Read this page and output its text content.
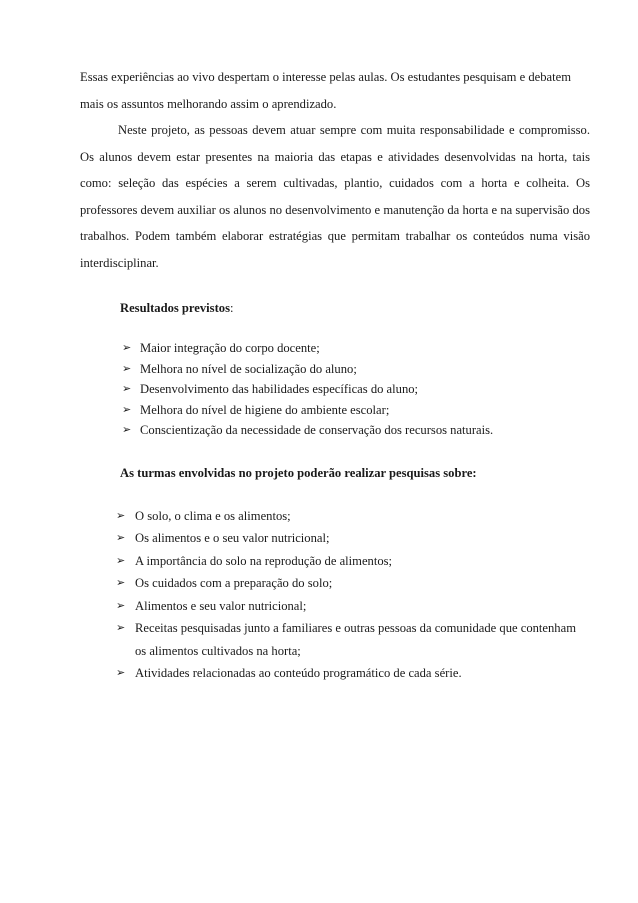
Essas experiências ao vivo despertam o interesse pelas aulas. Os estudantes pesquisam e debatem mais os assuntos melhorando assim o aprendizado.

Neste projeto, as pessoas devem atuar sempre com muita responsabilidade e compromisso. Os alunos devem estar presentes na maioria das etapas e atividades desenvolvidas na horta, tais como: seleção das espécies a serem cultivadas, plantio, cuidados com a horta e colheita. Os professores devem auxiliar os alunos no desenvolvimento e manutenção da horta e na supervisão dos trabalhos. Podem também elaborar estratégias que permitam trabalhar os conteúdos numa visão interdisciplinar.

Resultados previstos:

➢ Maior integração do corpo docente;
➢ Melhora no nível de socialização do aluno;
➢ Desenvolvimento das habilidades específicas do aluno;
➢ Melhora do nível de higiene do ambiente escolar;
➢ Conscientização da necessidade de conservação dos recursos naturais.

As turmas envolvidas no projeto poderão realizar pesquisas sobre:

➢ O solo, o clima e os alimentos;
➢ Os alimentos e o seu valor nutricional;
➢ A importância do solo na reprodução de alimentos;
➢ Os cuidados com a preparação do solo;
➢ Alimentos e seu valor nutricional;
➢ Receitas pesquisadas junto a familiares e outras pessoas da comunidade que contenham os alimentos cultivados na horta;
➢ Atividades relacionadas ao conteúdo programático de cada série.
